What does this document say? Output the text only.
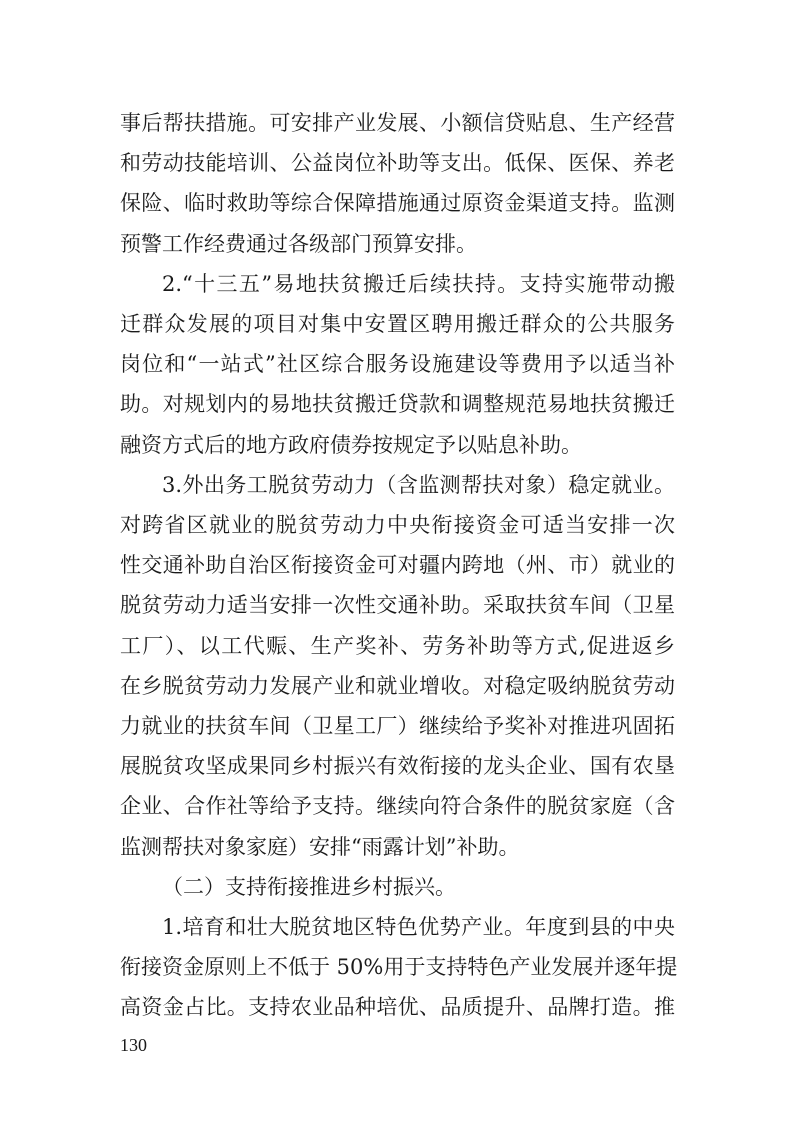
事后帮扶措施。可安排产业发展、小额信贷贴息、生产经营
和劳动技能培训、公益岗位补助等支出。低保、医保、养老
保险、临时救助等综合保障措施通过原资金渠道支持。监测
预警工作经费通过各级部门预算安排。
2.“十三五”易地扶贫搬迁后续扶持。支持实施带动搬
迁群众发展的项目对集中安置区聘用搬迁群众的公共服务
岗位和“一站式”社区综合服务设施建设等费用予以适当补
助。对规划内的易地扶贫搬迁贷款和调整规范易地扶贫搬迁
融资方式后的地方政府债券按规定予以贴息补助。
3.外出务工脱贫劳动力（含监测帮扶对象）稳定就业。
对跨省区就业的脱贫劳动力中央衔接资金可适当安排一次
性交通补助自治区衔接资金可对疆内跨地（州、市）就业的
脱贫劳动力适当安排一次性交通补助。采取扶贫车间（卫星
工厂）、以工代赈、生产奖补、劳务补助等方式,促进返乡
在乡脱贫劳动力发展产业和就业增收。对稳定吸纳脱贫劳动
力就业的扶贫车间（卫星工厂）继续给予奖补对推进巩固拓
展脱贫攻坚成果同乡村振兴有效衔接的龙头企业、国有农垦
企业、合作社等给予支持。继续向符合条件的脱贫家庭（含
监测帮扶对象家庭）安排“雨露计划”补助。
（二）支持衔接推进乡村振兴。
1.培育和壮大脱贫地区特色优势产业。年度到县的中央
衔接资金原则上不低于 50%用于支持特色产业发展并逐年提
高资金占比。支持农业品种培优、品质提升、品牌打造。推
130
